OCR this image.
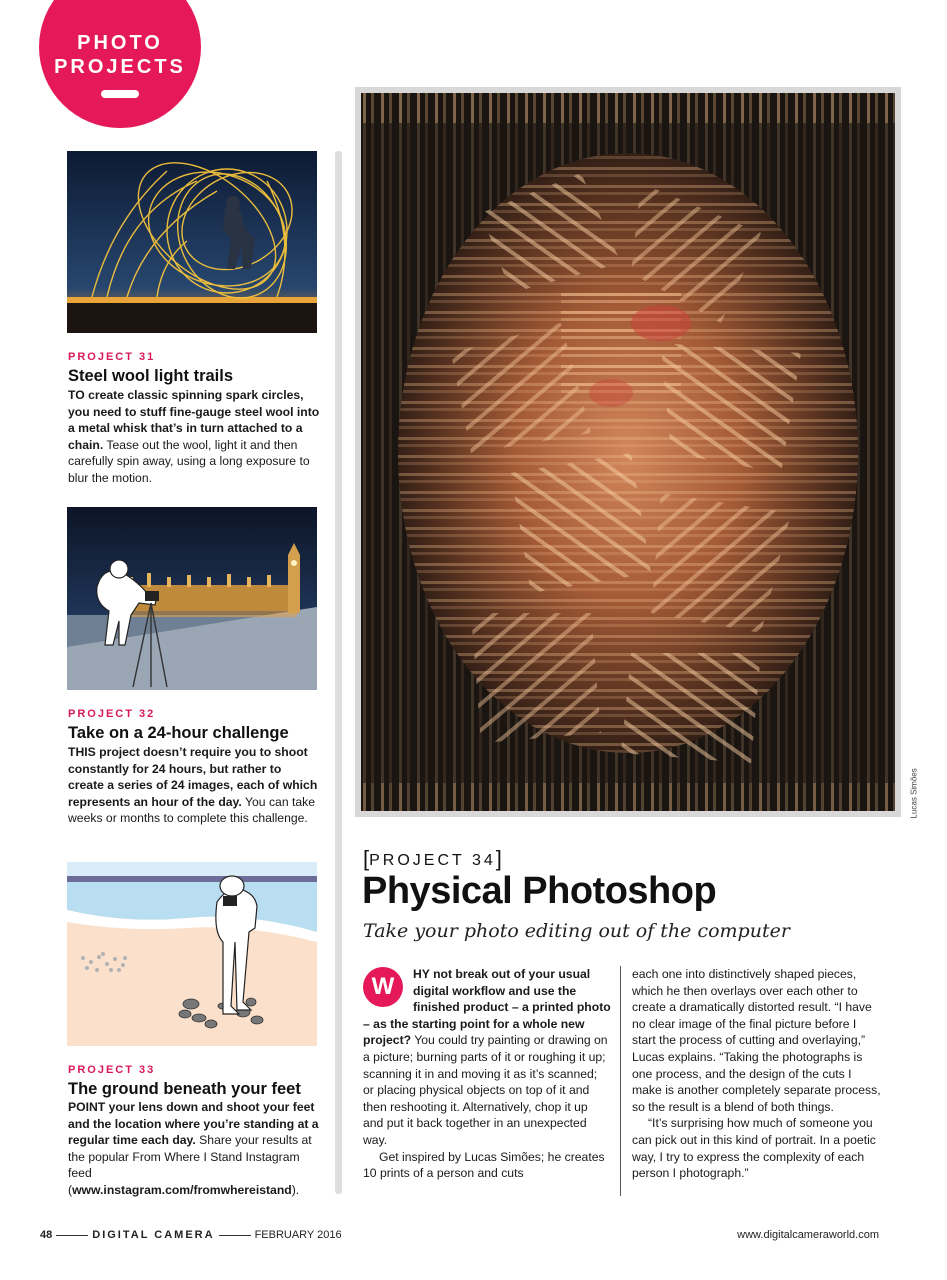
PHOTO
PROJECTS
PROJECT 31
Steel wool light trails
TO create classic spinning spark circles, you need to stuff fine-gauge steel wool into a metal whisk that’s in turn attached to a chain. Tease out the wool, light it and then carefully spin away, using a long exposure to blur the motion.
PROJECT 32
Take on a 24-hour challenge
THIS project doesn’t require you to shoot constantly for 24 hours, but rather to create a series of 24 images, each of which represents an hour of the day. You can take weeks or months to complete this challenge.
PROJECT 33
The ground beneath your feet
POINT your lens down and shoot your feet and the location where you’re standing at a regular time each day. Share your results at the popular From Where I Stand Instagram feed (www.instagram.com/fromwhereistand).
Lucas Simões
[PROJECT 34]
Physical Photoshop
Take your photo editing out of the computer
W	HY not break out of your usual digital workflow and use the finished product – a printed photo – as the starting point for a whole new project? You could try painting or drawing on a picture; burning parts of it or roughing it up; scanning it in and moving it as it’s scanned; or placing physical objects on top of it and then reshooting it. Alternatively, chop it up and put it back together in an unexpected way.

Get inspired by Lucas Simões; he creates 10 prints of a person and cuts

each one into distinctively shaped pieces, which he then overlays over each other to create a dramatically distorted result. “I have no clear image of the final picture before I start the process of cutting and overlaying,” Lucas explains. “Taking the photographs is one process, and the design of the cuts I make is another completely separate process, so the result is a blend of both things.

“It’s surprising how much of someone you can pick out in this kind of portrait. In a poetic way, I try to express the complexity of each person I photograph.”

48	DIGITAL CAMERA	FEBRUARY 2016	www.digitalcameraworld.com
